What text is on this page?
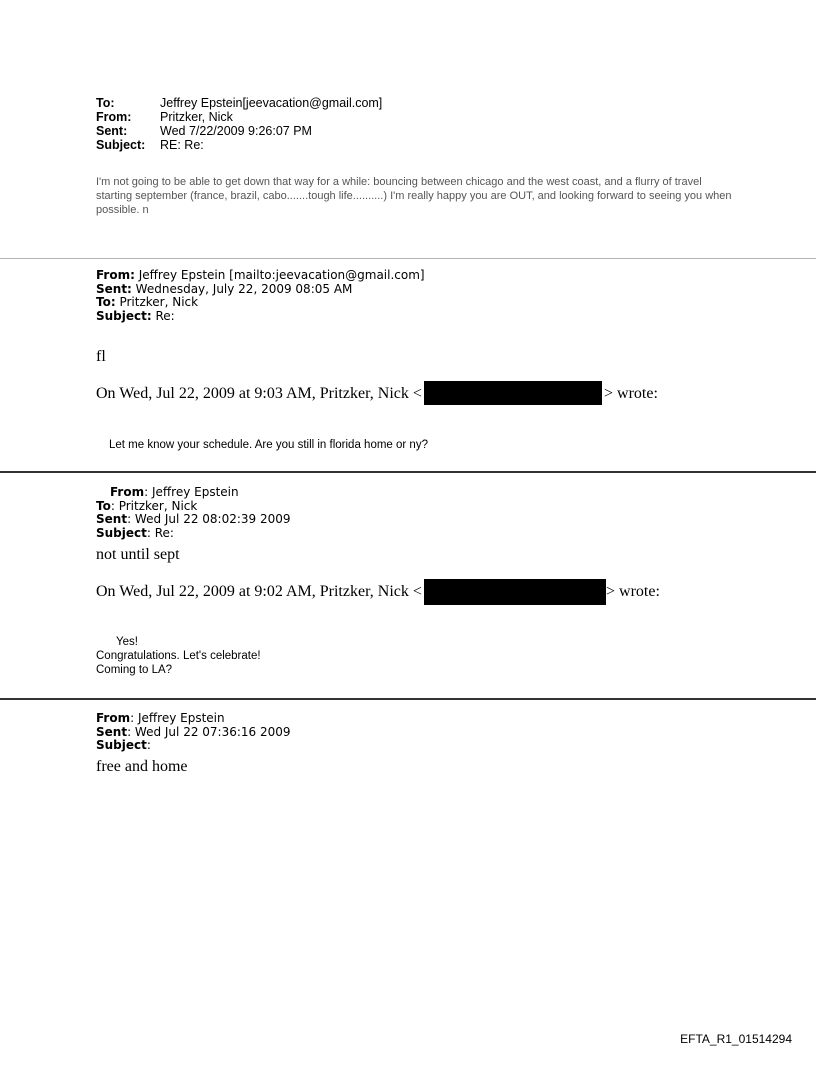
To:	Jeffrey Epstein[jeevacation@gmail.com]
From:	Pritzker, Nick
Sent:	Wed 7/22/2009 9:26:07 PM
Subject:	RE: Re:
I'm not going to be able to get down that way for a while: bouncing between chicago and the west coast, and a flurry of travel starting september (france, brazil, cabo.......tough life..........) I'm really happy you are OUT, and looking forward to seeing you when possible. n
From: Jeffrey Epstein [mailto:jeevacation@gmail.com]
Sent: Wednesday, July 22, 2009 08:05 AM
To: Pritzker, Nick
Subject: Re:
fl
On Wed, Jul 22, 2009 at 9:03 AM, Pritzker, Nick <	> wrote:
Let me know your schedule. Are you still in florida home or ny?
From: Jeffrey Epstein
To: Pritzker, Nick
Sent: Wed Jul 22 08:02:39 2009
Subject: Re:
not until sept
On Wed, Jul 22, 2009 at 9:02 AM, Pritzker, Nick <	> wrote:
Yes!
Congratulations. Let's celebrate!
Coming to LA?
From: Jeffrey Epstein
Sent: Wed Jul 22 07:36:16 2009
Subject:
free and home
EFTA_R1_01514294
